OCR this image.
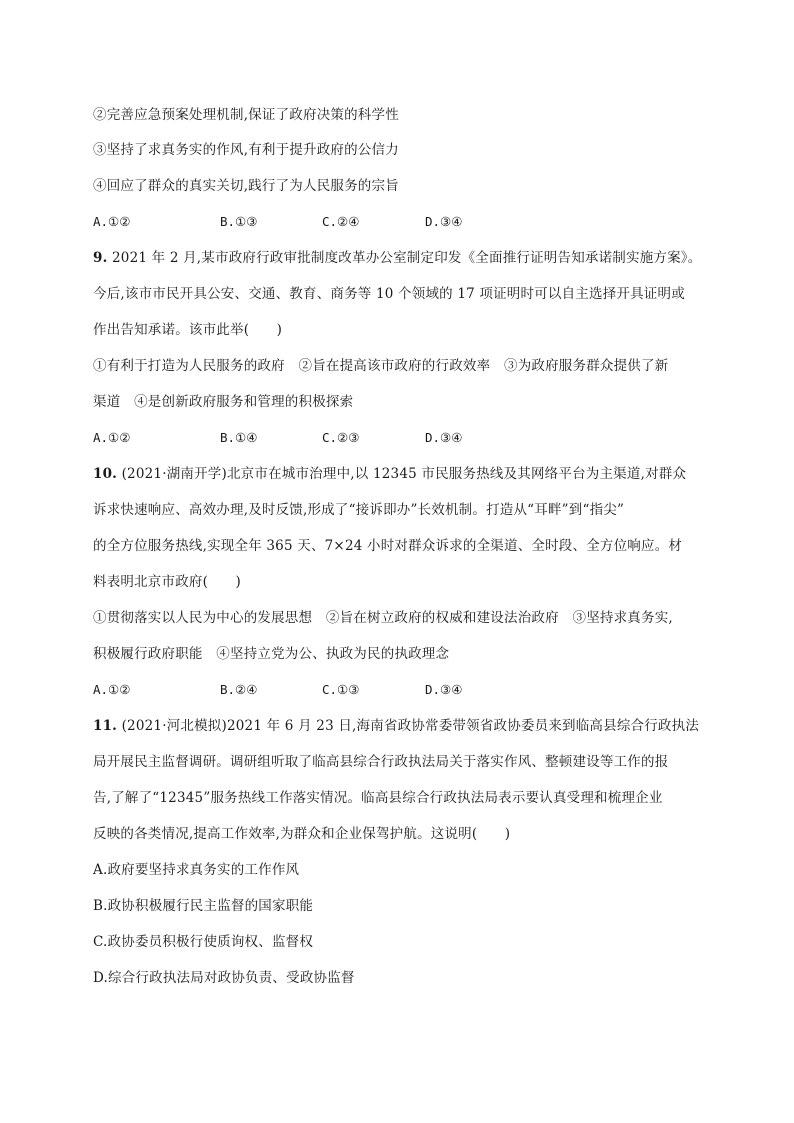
②完善应急预案处理机制,保证了政府决策的科学性
③坚持了求真务实的作风,有利于提升政府的公信力
④回应了群众的真实关切,践行了为人民服务的宗旨
A.①②	B.①③	C.②④	D.③④
9. 2021 年 2 月,某市政府行政审批制度改革办公室制定印发《全面推行证明告知承诺制实施方案》。
今后,该市市民开具公安、交通、教育、商务等 10 个领域的 17 项证明时可以自主选择开具证明或
作出告知承诺。该市此举(　　)
①有利于打造为人民服务的政府　②旨在提高该市政府的行政效率　③为政府服务群众提供了新
渠道　④是创新政府服务和管理的积极探索
A.①②	B.①④	C.②③	D.③④
10. (2021·湖南开学)北京市在城市治理中,以 12345 市民服务热线及其网络平台为主渠道,对群众
诉求快速响应、高效办理,及时反馈,形成了“接诉即办”长效机制。打造从“耳畔”到“指尖”
的全方位服务热线,实现全年 365 天、7×24 小时对群众诉求的全渠道、全时段、全方位响应。材
料表明北京市政府(　　)
①贯彻落实以人民为中心的发展思想　②旨在树立政府的权威和建设法治政府　③坚持求真务实,
积极履行政府职能　④坚持立党为公、执政为民的执政理念
A.①②	B.②④	C.①③	D.③④
11. (2021·河北模拟)2021 年 6 月 23 日,海南省政协常委带领省政协委员来到临高县综合行政执法
局开展民主监督调研。调研组听取了临高县综合行政执法局关于落实作风、整顿建设等工作的报
告,了解了“12345”服务热线工作落实情况。临高县综合行政执法局表示要认真受理和梳理企业
反映的各类情况,提高工作效率,为群众和企业保驾护航。这说明(　　)
A.政府要坚持求真务实的工作作风
B.政协积极履行民主监督的国家职能
C.政协委员积极行使质询权、监督权
D.综合行政执法局对政协负责、受政协监督
